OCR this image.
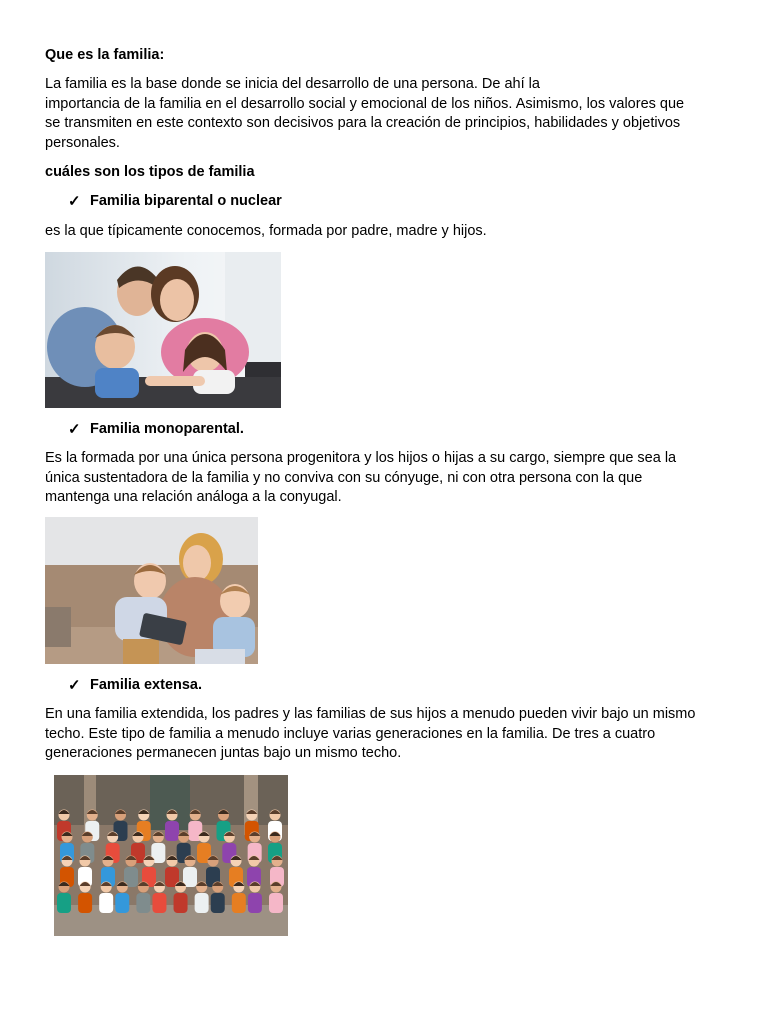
Que es la familia:

La familia es la base donde se inicia del desarrollo de una persona. De ahí la

importancia de la familia en el desarrollo social y emocional de los niños. Asimismo, los valores que

se transmiten en este contexto son decisivos para la creación de principios, habilidades y objetivos

personales.

cuáles son los tipos de familia

✓ Familia biparental o nuclear

es la que típicamente conocemos, formada por padre, madre y hijos.

✓ Familia monoparental.

Es la formada por una única persona progenitora y los hijos o hijas a su cargo, siempre que sea la

única sustentadora de la familia y no conviva con su cónyuge, ni con otra persona con la que

mantenga una relación análoga a la conyugal.

✓ Familia extensa.

En una familia extendida, los padres y las familias de sus hijos a menudo pueden vivir bajo un mismo

techo. Este tipo de familia a menudo incluye varias generaciones en la familia. De tres a cuatro

generaciones permanecen juntas bajo un mismo techo.
